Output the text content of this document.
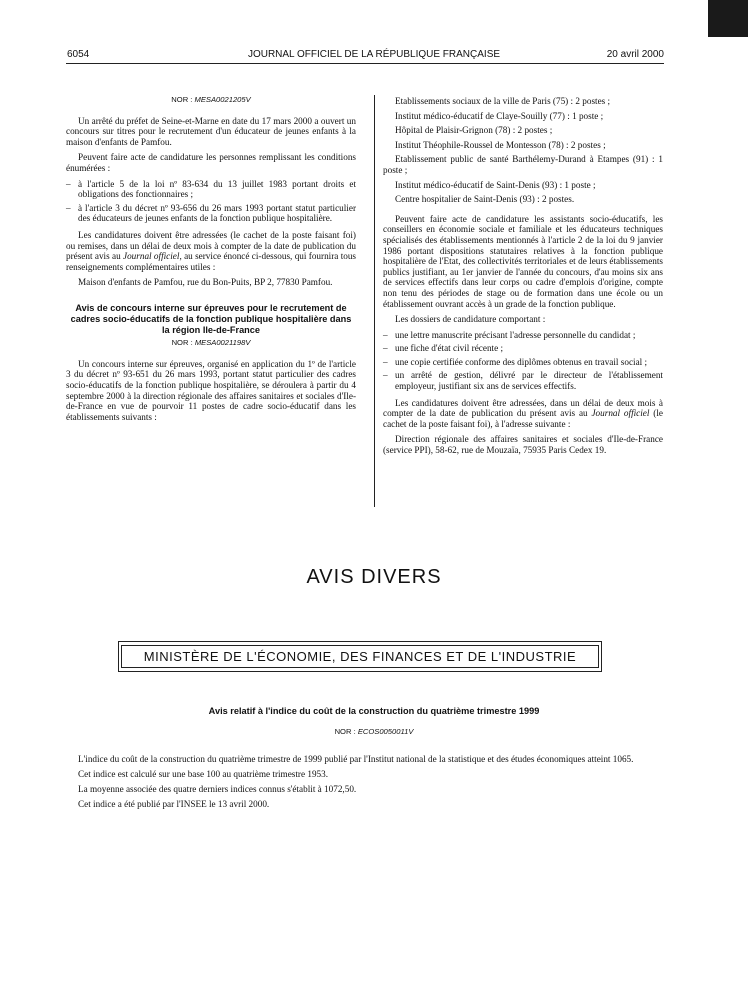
6054	JOURNAL OFFICIEL DE LA RÉPUBLIQUE FRANÇAISE	20 avril 2000
NOR : MESA0021205V

Un arrêté du préfet de Seine-et-Marne en date du 17 mars 2000 a ouvert un concours sur titres pour le recrutement d'un éducateur de jeunes enfants à la maison d'enfants de Pamfou.

Peuvent faire acte de candidature les personnes remplissant les conditions énumérées :

– à l'article 5 de la loi nº 83-634 du 13 juillet 1983 portant droits et obligations des fonctionnaires ;
– à l'article 3 du décret nº 93-656 du 26 mars 1993 portant statut particulier des éducateurs de jeunes enfants de la fonction publique hospitalière.

Les candidatures doivent être adressées (le cachet de la poste faisant foi) ou remises, dans un délai de deux mois à compter de la date de publication du présent avis au Journal officiel, au service énoncé ci-dessous, qui fournira tous renseignements complémentaires utiles :

Maison d'enfants de Pamfou, rue du Bon-Puits, BP 2, 77830 Pamfou.

Avis de concours interne sur épreuves pour le recrutement de cadres socio-éducatifs de la fonction publique hospitalière dans la région Ile-de-France
NOR : MESA0021198V

Un concours interne sur épreuves, organisé en application du 1º de l'article 3 du décret nº 93-651 du 26 mars 1993, portant statut particulier des cadres socio-éducatifs de la fonction publique hospitalière, se déroulera à partir du 4 septembre 2000 à la direction régionale des affaires sanitaires et sociales d'Ile-de-France en vue de pourvoir 11 postes de cadre socio-éducatif dans les établissements suivants :

Etablissements sociaux de la ville de Paris (75) : 2 postes ;

Institut médico-éducatif de Claye-Souilly (77) : 1 poste ;

Hôpital de Plaisir-Grignon (78) : 2 postes ;

Institut Théophile-Roussel de Montesson (78) : 2 postes ;

Etablissement public de santé Barthélemy-Durand à Etampes (91) : 1 poste ;

Institut médico-éducatif de Saint-Denis (93) : 1 poste ;

Centre hospitalier de Saint-Denis (93) : 2 postes.

Peuvent faire acte de candidature les assistants socio-éducatifs, les conseillers en économie sociale et familiale et les éducateurs techniques spécialisés des établissements mentionnés à l'article 2 de la loi du 9 janvier 1986 portant dispositions statutaires relatives à la fonction publique hospitalière de l'Etat, des collectivités territoriales et de leurs établissements publics justifiant, au 1er janvier de l'année du concours, d'au moins six ans de services effectifs dans leur corps ou cadre d'emplois d'origine, compte non tenu des périodes de stage ou de formation dans une école ou un établissement ouvrant accès à un grade de la fonction publique.

Les dossiers de candidature comportant :

– une lettre manuscrite précisant l'adresse personnelle du candidat ;
– une fiche d'état civil récente ;
– une copie certifiée conforme des diplômes obtenus en travail social ;
– un arrêté de gestion, délivré par le directeur de l'établissement employeur, justifiant six ans de services effectifs.

Les candidatures doivent être adressées, dans un délai de deux mois à compter de la date de publication du présent avis au Journal officiel (le cachet de la poste faisant foi), à l'adresse suivante :

Direction régionale des affaires sanitaires et sociales d'Ile-de-France (service PPI), 58-62, rue de Mouzaïa, 75935 Paris Cedex 19.

AVIS DIVERS
MINISTÈRE DE L'ÉCONOMIE, DES FINANCES ET DE L'INDUSTRIE
Avis relatif à l'indice du coût de la construction du quatrième trimestre 1999
NOR : ECOS0050011V

L'indice du coût de la construction du quatrième trimestre de 1999 publié par l'Institut national de la statistique et des études économiques atteint 1065.

Cet indice est calculé sur une base 100 au quatrième trimestre 1953.

La moyenne associée des quatre derniers indices connus s'établit à 1072,50.

Cet indice a été publié par l'INSEE le 13 avril 2000.
